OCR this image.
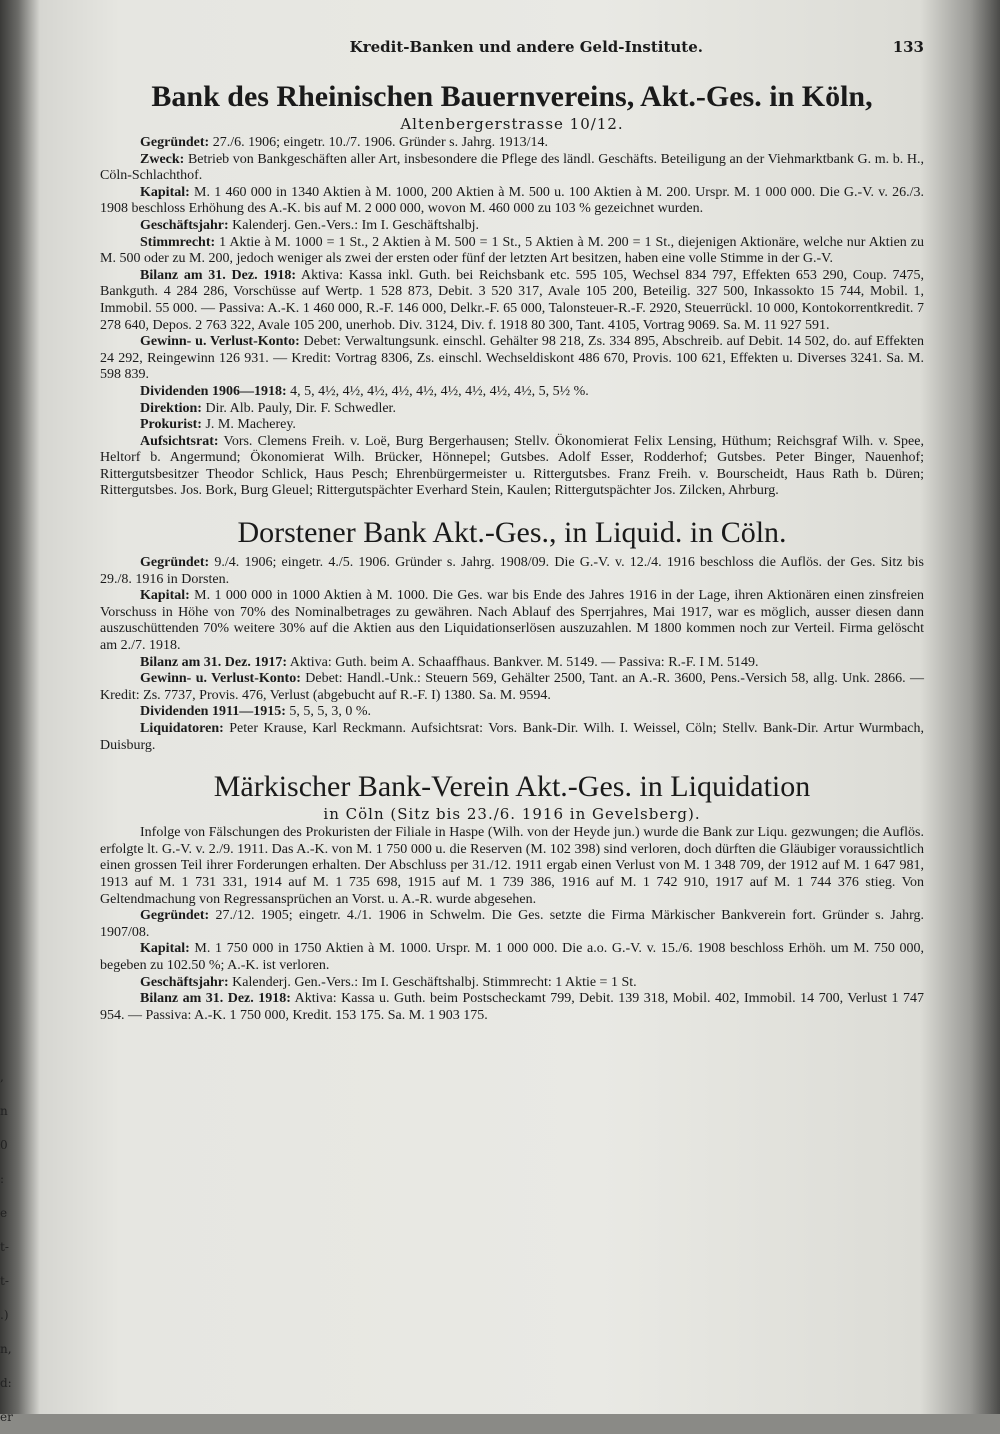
,
n
0
:
e
t-
t-
.)
n,
d:
er
Kredit-Banken und andere Geld-Institute.	133
Bank des Rheinischen Bauernvereins, Akt.-Ges. in Köln,
Altenbergerstrasse 10/12.

Gegründet: 27./6. 1906; eingetr. 10./7. 1906. Gründer s. Jahrg. 1913/14.

Zweck: Betrieb von Bankgeschäften aller Art, insbesondere die Pflege des ländl. Geschäfts. Beteiligung an der Viehmarktbank G. m. b. H., Cöln-Schlachthof.

Kapital: M. 1 460 000 in 1340 Aktien à M. 1000, 200 Aktien à M. 500 u. 100 Aktien à M. 200. Urspr. M. 1 000 000. Die G.-V. v. 26./3. 1908 beschloss Erhöhung des A.-K. bis auf M. 2 000 000, wovon M. 460 000 zu 103 % gezeichnet wurden.

Geschäftsjahr: Kalenderj. Gen.-Vers.: Im I. Geschäftshalbj.

Stimmrecht: 1 Aktie à M. 1000 = 1 St., 2 Aktien à M. 500 = 1 St., 5 Aktien à M. 200 = 1 St., diejenigen Aktionäre, welche nur Aktien zu M. 500 oder zu M. 200, jedoch weniger als zwei der ersten oder fünf der letzten Art besitzen, haben eine volle Stimme in der G.-V.

Bilanz am 31. Dez. 1918: Aktiva: Kassa inkl. Guth. bei Reichsbank etc. 595 105, Wechsel 834 797, Effekten 653 290, Coup. 7475, Bankguth. 4 284 286, Vorschüsse auf Wertp. 1 528 873, Debit. 3 520 317, Avale 105 200, Beteilig. 327 500, Inkassokto 15 744, Mobil. 1, Immobil. 55 000. — Passiva: A.-K. 1 460 000, R.-F. 146 000, Delkr.-F. 65 000, Talonsteuer-R.-F. 2920, Steuerrückl. 10 000, Kontokorrentkredit. 7 278 640, Depos. 2 763 322, Avale 105 200, unerhob. Div. 3124, Div. f. 1918 80 300, Tant. 4105, Vortrag 9069. Sa. M. 11 927 591.

Gewinn- u. Verlust-Konto: Debet: Verwaltungsunk. einschl. Gehälter 98 218, Zs. 334 895, Abschreib. auf Debit. 14 502, do. auf Effekten 24 292, Reingewinn 126 931. — Kredit: Vortrag 8306, Zs. einschl. Wechseldiskont 486 670, Provis. 100 621, Effekten u. Diverses 3241. Sa. M. 598 839.

Dividenden 1906—1918: 4, 5, 4½, 4½, 4½, 4½, 4½, 4½, 4½, 4½, 4½, 5, 5½ %.

Direktion: Dir. Alb. Pauly, Dir. F. Schwedler.

Prokurist: J. M. Macherey.

Aufsichtsrat: Vors. Clemens Freih. v. Loë, Burg Bergerhausen; Stellv. Ökonomierat Felix Lensing, Hüthum; Reichsgraf Wilh. v. Spee, Heltorf b. Angermund; Ökonomierat Wilh. Brücker, Hönnepel; Gutsbes. Adolf Esser, Rodderhof; Gutsbes. Peter Binger, Nauenhof; Rittergutsbesitzer Theodor Schlick, Haus Pesch; Ehrenbürgermeister u. Rittergutsbes. Franz Freih. v. Bourscheidt, Haus Rath b. Düren; Rittergutsbes. Jos. Bork, Burg Gleuel; Rittergutspächter Everhard Stein, Kaulen; Rittergutspächter Jos. Zilcken, Ahrburg.

Dorstener Bank Akt.-Ges., in Liquid. in Cöln.

Gegründet: 9./4. 1906; eingetr. 4./5. 1906. Gründer s. Jahrg. 1908/09. Die G.-V. v. 12./4. 1916 beschloss die Auflös. der Ges. Sitz bis 29./8. 1916 in Dorsten.

Kapital: M. 1 000 000 in 1000 Aktien à M. 1000. Die Ges. war bis Ende des Jahres 1916 in der Lage, ihren Aktionären einen zinsfreien Vorschuss in Höhe von 70% des Nominalbetrages zu gewähren. Nach Ablauf des Sperrjahres, Mai 1917, war es möglich, ausser diesen dann auszuschüttenden 70% weitere 30% auf die Aktien aus den Liquidationserlösen auszuzahlen. M 1800 kommen noch zur Verteil. Firma gelöscht am 2./7. 1918.

Bilanz am 31. Dez. 1917: Aktiva: Guth. beim A. Schaaffhaus. Bankver. M. 5149. — Passiva: R.-F. I M. 5149.

Gewinn- u. Verlust-Konto: Debet: Handl.-Unk.: Steuern 569, Gehälter 2500, Tant. an A.-R. 3600, Pens.-Versich 58, allg. Unk. 2866. — Kredit: Zs. 7737, Provis. 476, Verlust (abgebucht auf R.-F. I) 1380. Sa. M. 9594.

Dividenden 1911—1915: 5, 5, 5, 3, 0 %.

Liquidatoren: Peter Krause, Karl Reckmann. Aufsichtsrat: Vors. Bank-Dir. Wilh. I. Weissel, Cöln; Stellv. Bank-Dir. Artur Wurmbach, Duisburg.

Märkischer Bank-Verein Akt.-Ges. in Liquidation
in Cöln (Sitz bis 23./6. 1916 in Gevelsberg).

Infolge von Fälschungen des Prokuristen der Filiale in Haspe (Wilh. von der Heyde jun.) wurde die Bank zur Liqu. gezwungen; die Auflös. erfolgte lt. G.-V. v. 2./9. 1911. Das A.-K. von M. 1 750 000 u. die Reserven (M. 102 398) sind verloren, doch dürften die Gläubiger voraussichtlich einen grossen Teil ihrer Forderungen erhalten. Der Abschluss per 31./12. 1911 ergab einen Verlust von M. 1 348 709, der 1912 auf M. 1 647 981, 1913 auf M. 1 731 331, 1914 auf M. 1 735 698, 1915 auf M. 1 739 386, 1916 auf M. 1 742 910, 1917 auf M. 1 744 376 stieg. Von Geltendmachung von Regressansprüchen an Vorst. u. A.-R. wurde abgesehen.

Gegründet: 27./12. 1905; eingetr. 4./1. 1906 in Schwelm. Die Ges. setzte die Firma Märkischer Bankverein fort. Gründer s. Jahrg. 1907/08.

Kapital: M. 1 750 000 in 1750 Aktien à M. 1000. Urspr. M. 1 000 000. Die a.o. G.-V. v. 15./6. 1908 beschloss Erhöh. um M. 750 000, begeben zu 102.50 %; A.-K. ist verloren.

Geschäftsjahr: Kalenderj. Gen.-Vers.: Im I. Geschäftshalbj. Stimmrecht: 1 Aktie = 1 St.

Bilanz am 31. Dez. 1918: Aktiva: Kassa u. Guth. beim Postscheckamt 799, Debit. 139 318, Mobil. 402, Immobil. 14 700, Verlust 1 747 954. — Passiva: A.-K. 1 750 000, Kredit. 153 175. Sa. M. 1 903 175.
